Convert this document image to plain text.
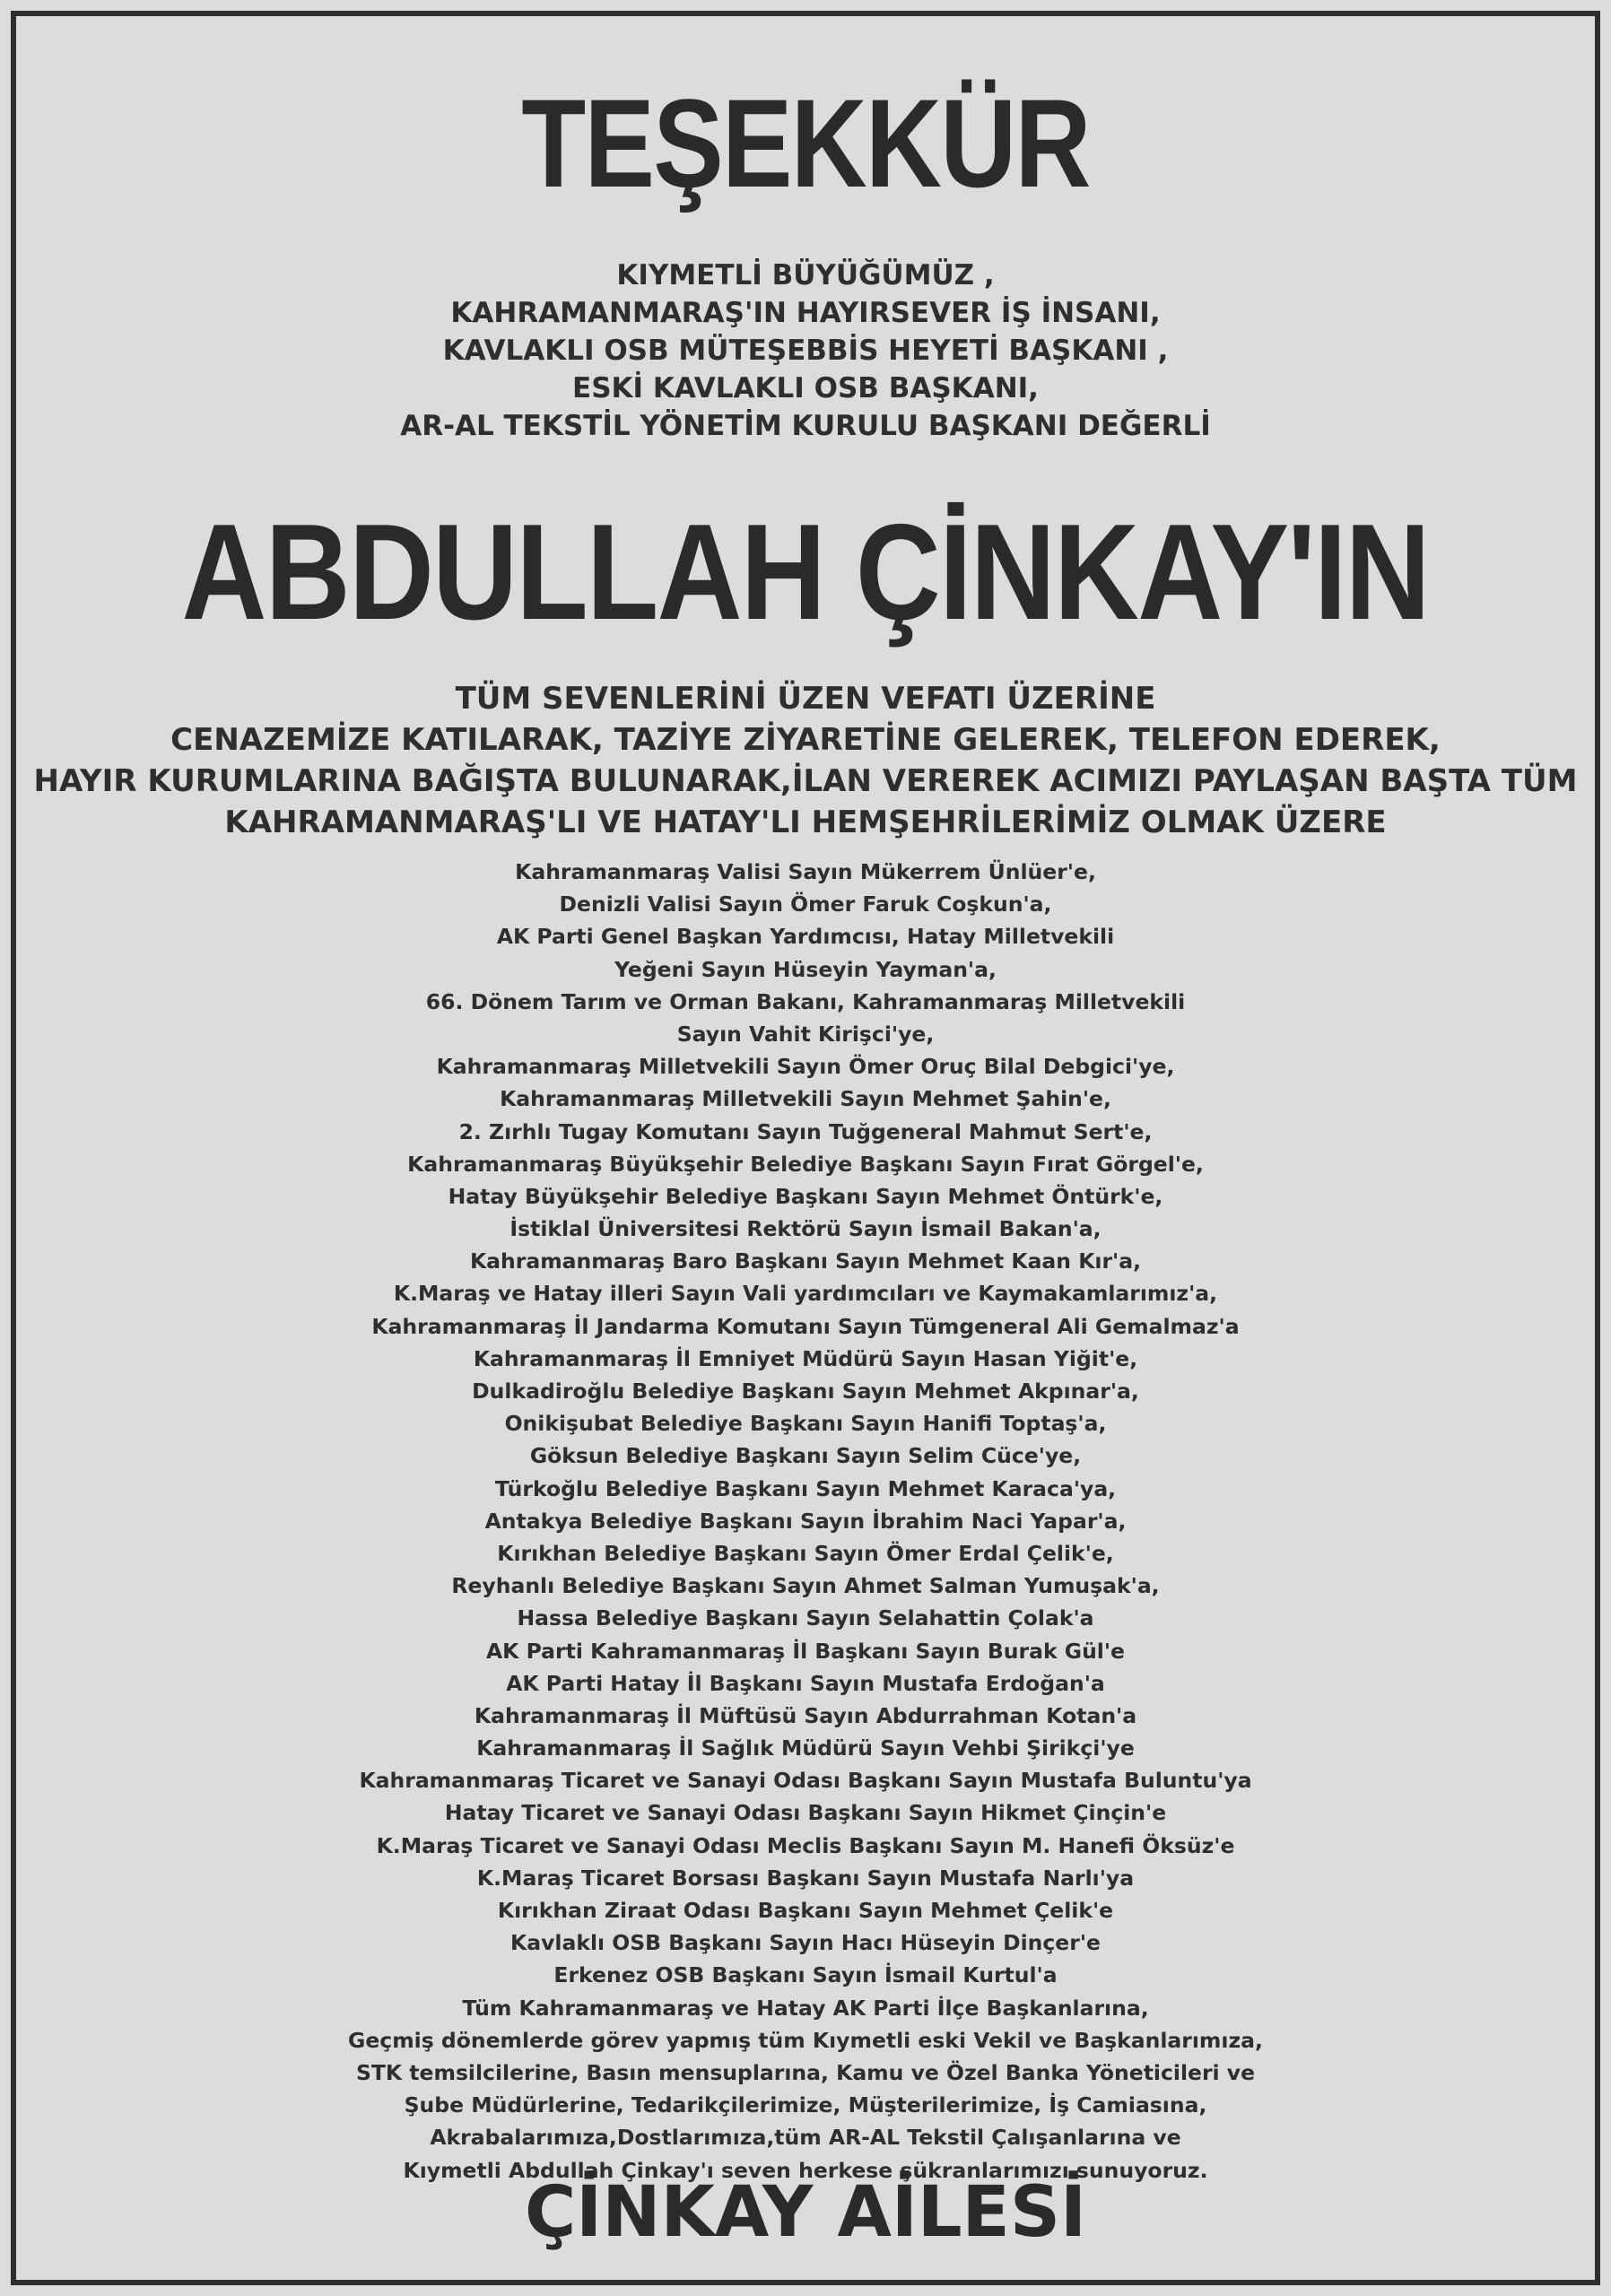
TEŞEKKÜR
KIYMETLİ BÜYÜĞÜMÜZ ,
KAHRAMANMARAŞ'IN HAYIRSEVER İŞ İNSANI,
KAVLAKLI OSB MÜTEŞEBBİS HEYETİ BAŞKANI ,
ESKİ KAVLAKLI OSB BAŞKANI,
AR-AL TEKSTİL YÖNETİM KURULU BAŞKANI DEĞERLİ
ABDULLAH ÇİNKAY'IN
TÜM SEVENLERİNİ ÜZEN VEFATI ÜZERİNE
CENAZEMİZE KATILARAK, TAZİYE ZİYARETİNE GELEREK, TELEFON EDEREK,
HAYIR KURUMLARINA BAĞIŞTA BULUNARAK,İLAN VEREREK ACIMIZI PAYLAŞAN BAŞTA TÜM
KAHRAMANMARAŞ'LI VE HATAY'LI HEMŞEHRİLERİMİZ OLMAK ÜZERE
Kahramanmaraş Valisi Sayın Mükerrem Ünlüer'e,
Denizli Valisi Sayın Ömer Faruk Coşkun'a,
AK Parti Genel Başkan Yardımcısı, Hatay Milletvekili
Yeğeni Sayın Hüseyin Yayman'a,
66. Dönem Tarım ve Orman Bakanı, Kahramanmaraş Milletvekili
Sayın Vahit Kirişci'ye,
Kahramanmaraş Milletvekili Sayın Ömer Oruç Bilal Debgici'ye,
Kahramanmaraş Milletvekili Sayın Mehmet Şahin'e,
2. Zırhlı Tugay Komutanı Sayın Tuğgeneral Mahmut Sert'e,
Kahramanmaraş Büyükşehir Belediye Başkanı Sayın Fırat Görgel'e,
Hatay Büyükşehir Belediye Başkanı Sayın Mehmet Öntürk'e,
İstiklal Üniversitesi Rektörü Sayın İsmail Bakan'a,
Kahramanmaraş Baro Başkanı Sayın Mehmet Kaan Kır'a,
K.Maraş ve Hatay illeri Sayın Vali yardımcıları ve Kaymakamlarımız'a,
Kahramanmaraş İl Jandarma Komutanı Sayın Tümgeneral Ali Gemalmaz'a
Kahramanmaraş İl Emniyet Müdürü Sayın Hasan Yiğit'e,
Dulkadiroğlu Belediye Başkanı Sayın Mehmet Akpınar'a,
Onikişubat Belediye Başkanı Sayın Hanifi Toptaş'a,
Göksun Belediye Başkanı Sayın Selim Cüce'ye,
Türkoğlu Belediye Başkanı Sayın Mehmet Karaca'ya,
Antakya Belediye Başkanı Sayın İbrahim Naci Yapar'a,
Kırıkhan Belediye Başkanı Sayın Ömer Erdal Çelik'e,
Reyhanlı Belediye Başkanı Sayın Ahmet Salman Yumuşak'a,
Hassa Belediye Başkanı Sayın Selahattin Çolak'a
AK Parti Kahramanmaraş İl Başkanı Sayın Burak Gül'e
AK Parti Hatay İl Başkanı Sayın Mustafa Erdoğan'a
Kahramanmaraş İl Müftüsü Sayın Abdurrahman Kotan'a
Kahramanmaraş İl Sağlık Müdürü Sayın Vehbi Şirikçi'ye
Kahramanmaraş Ticaret ve Sanayi Odası Başkanı Sayın Mustafa Buluntu'ya
Hatay Ticaret ve Sanayi Odası Başkanı Sayın Hikmet Çinçin'e
K.Maraş Ticaret ve Sanayi Odası Meclis Başkanı Sayın M. Hanefi Öksüz'e
K.Maraş Ticaret Borsası Başkanı Sayın Mustafa Narlı'ya
Kırıkhan Ziraat Odası Başkanı Sayın Mehmet Çelik'e
Kavlaklı OSB Başkanı Sayın Hacı Hüseyin Dinçer'e
Erkenez OSB Başkanı Sayın İsmail Kurtul'a
Tüm Kahramanmaraş ve Hatay AK Parti İlçe Başkanlarına,
Geçmiş dönemlerde görev yapmış tüm Kıymetli eski Vekil ve Başkanlarımıza,
STK temsilcilerine, Basın mensuplarına, Kamu ve Özel Banka Yöneticileri ve
Şube Müdürlerine, Tedarikçilerimize, Müşterilerimize, İş Camiasına,
Akrabalarımıza,Dostlarımıza,tüm AR-AL Tekstil Çalışanlarına ve
Kıymetli Abdullah Çinkay'ı seven herkese şükranlarımızı sunuyoruz.
ÇİNKAY AİLESİ
